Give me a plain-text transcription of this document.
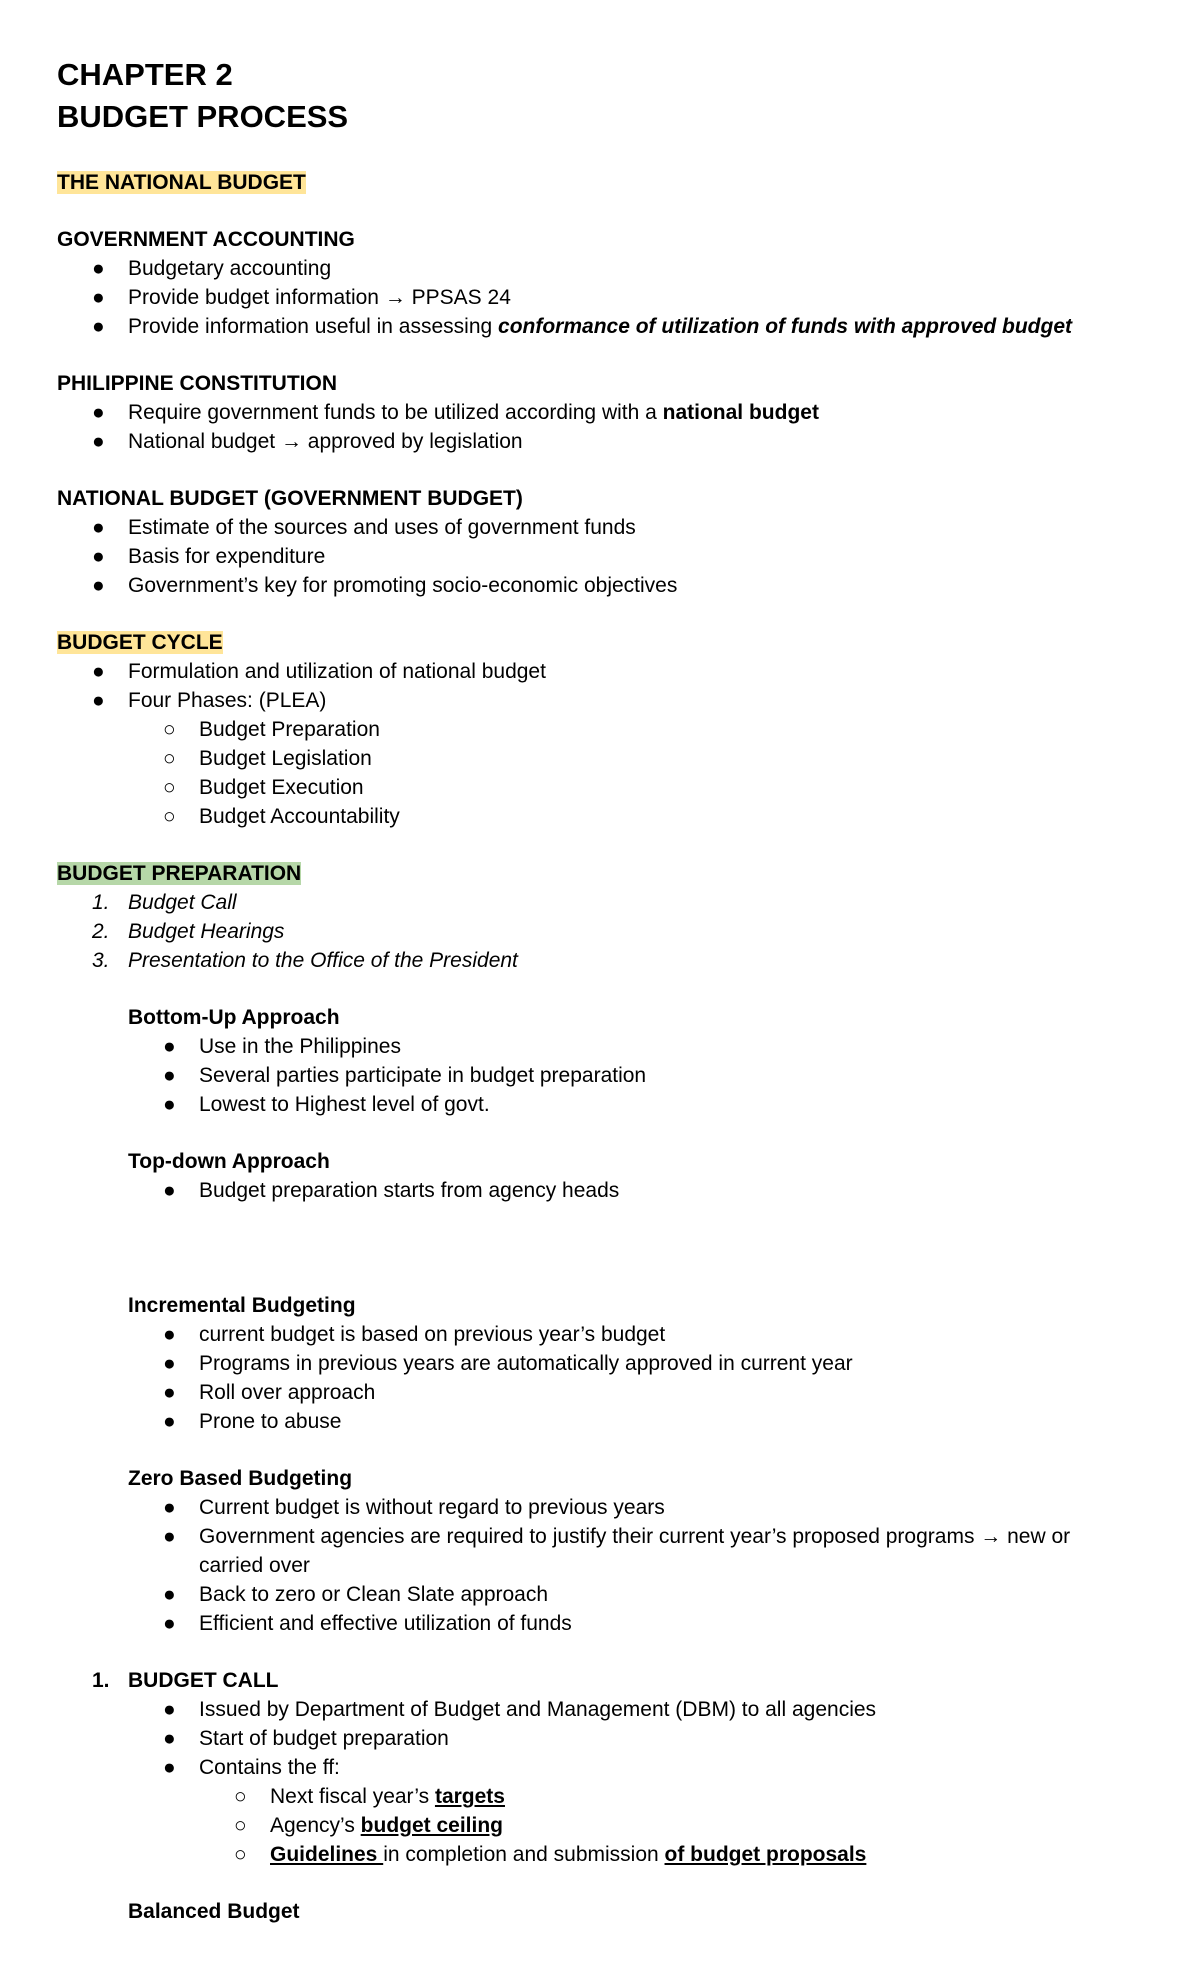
CHAPTER 2
BUDGET PROCESS
THE NATIONAL BUDGET
GOVERNMENT ACCOUNTING
●	Budgetary accounting
●	Provide budget information → PPSAS 24
●	Provide information useful in assessing conformance of utilization of funds with approved budget
PHILIPPINE CONSTITUTION
●	Require government funds to be utilized according with a national budget
●	National budget → approved by legislation
NATIONAL BUDGET (GOVERNMENT BUDGET)
●	Estimate of the sources and uses of government funds
●	Basis for expenditure
●	Government’s key for promoting socio-economic objectives
BUDGET CYCLE
●	Formulation and utilization of national budget
●	Four Phases: (PLEA)
○	Budget Preparation
○	Budget Legislation
○	Budget Execution
○	Budget Accountability
BUDGET PREPARATION
1. Budget Call
2. Budget Hearings
3. Presentation to the Office of the President
Bottom-Up Approach
●	Use in the Philippines
●	Several parties participate in budget preparation
●	Lowest to Highest level of govt.
Top-down Approach
●	Budget preparation starts from agency heads
Incremental Budgeting
●	current budget is based on previous year’s budget
●	Programs in previous years are automatically approved in current year
●	Roll over approach
●	Prone to abuse
Zero Based Budgeting
●	Current budget is without regard to previous years
●	Government agencies are required to justify their current year’s proposed programs → new or
carried over
●	Back to zero or Clean Slate approach
●	Efficient and effective utilization of funds
1. BUDGET CALL
●	Issued by Department of Budget and Management (DBM) to all agencies
●	Start of budget preparation
●	Contains the ff:
○	Next fiscal year’s targets
○	Agency’s budget ceiling
○	Guidelines in completion and submission of budget proposals
Balanced Budget
